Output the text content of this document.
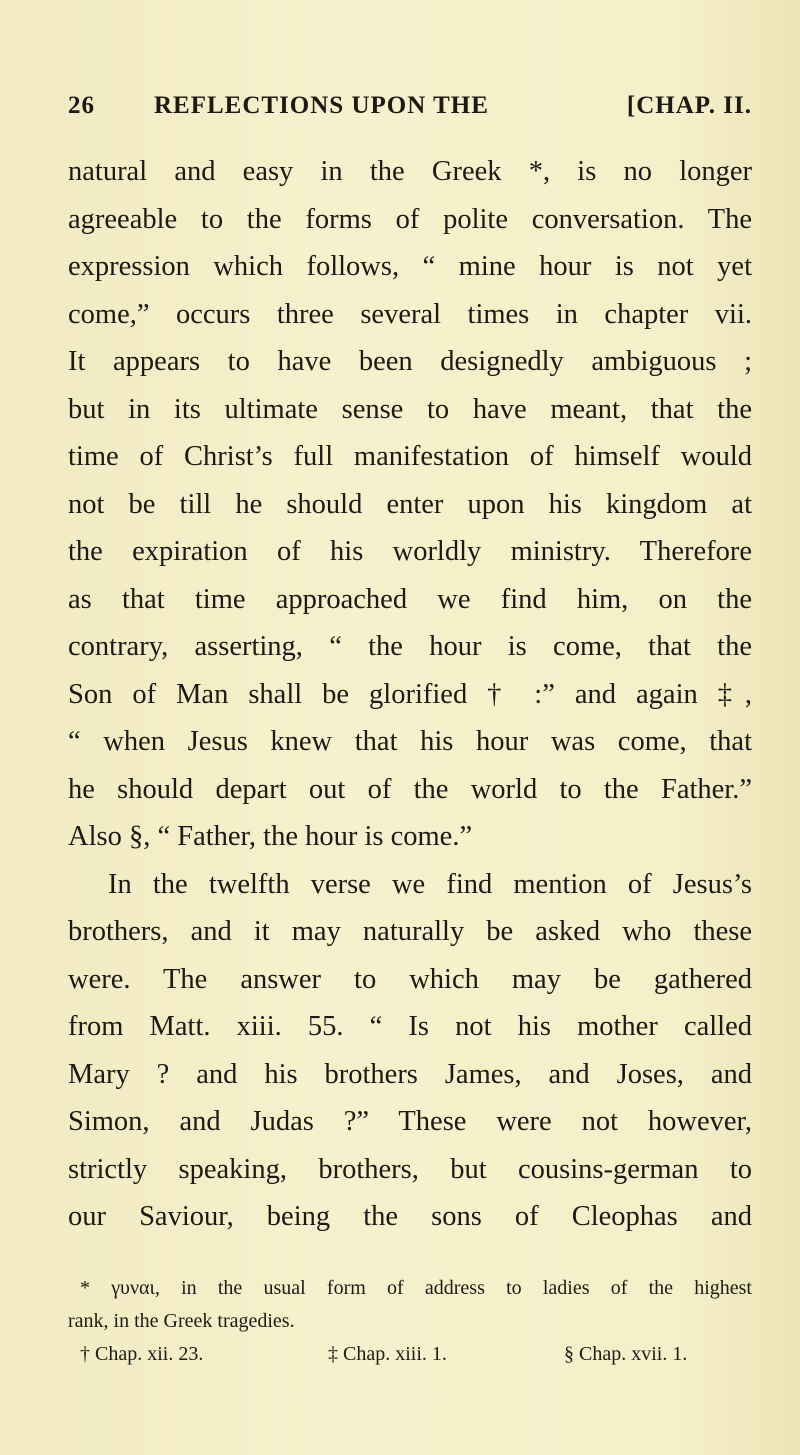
26 REFLECTIONS UPON THE	[CHAP. II.
natural and easy in the Greek *, is no longer
agreeable to the forms of polite conversation. The
expression which follows, “ mine hour is not yet
come,” occurs three several times in chapter vii.
It appears to have been designedly ambiguous ;
but in its ultimate sense to have meant, that the
time of Christ’s full manifestation of himself would
not be till he should enter upon his kingdom at
the expiration of his worldly ministry. Therefore
as that time approached we find him, on the
contrary, asserting, “ the hour is come, that the
Son of Man shall be glorified † :” and again ‡,
“ when Jesus knew that his hour was come, that
he should depart out of the world to the Father.”
Also §, “ Father, the hour is come.”
In the twelfth verse we find mention of Jesus’s
brothers, and it may naturally be asked who these
were. The answer to which may be gathered
from Matt. xiii. 55. “ Is not his mother called
Mary ? and his brothers James, and Joses, and
Simon, and Judas ?” These were not however,
strictly speaking, brothers, but cousins-german to
our Saviour, being the sons of Cleophas and
* γυναι, in the usual form of address to ladies of the highest
rank, in the Greek tragedies.
† Chap. xii. 23.	‡ Chap. xiii. 1.	§ Chap. xvii. 1.
